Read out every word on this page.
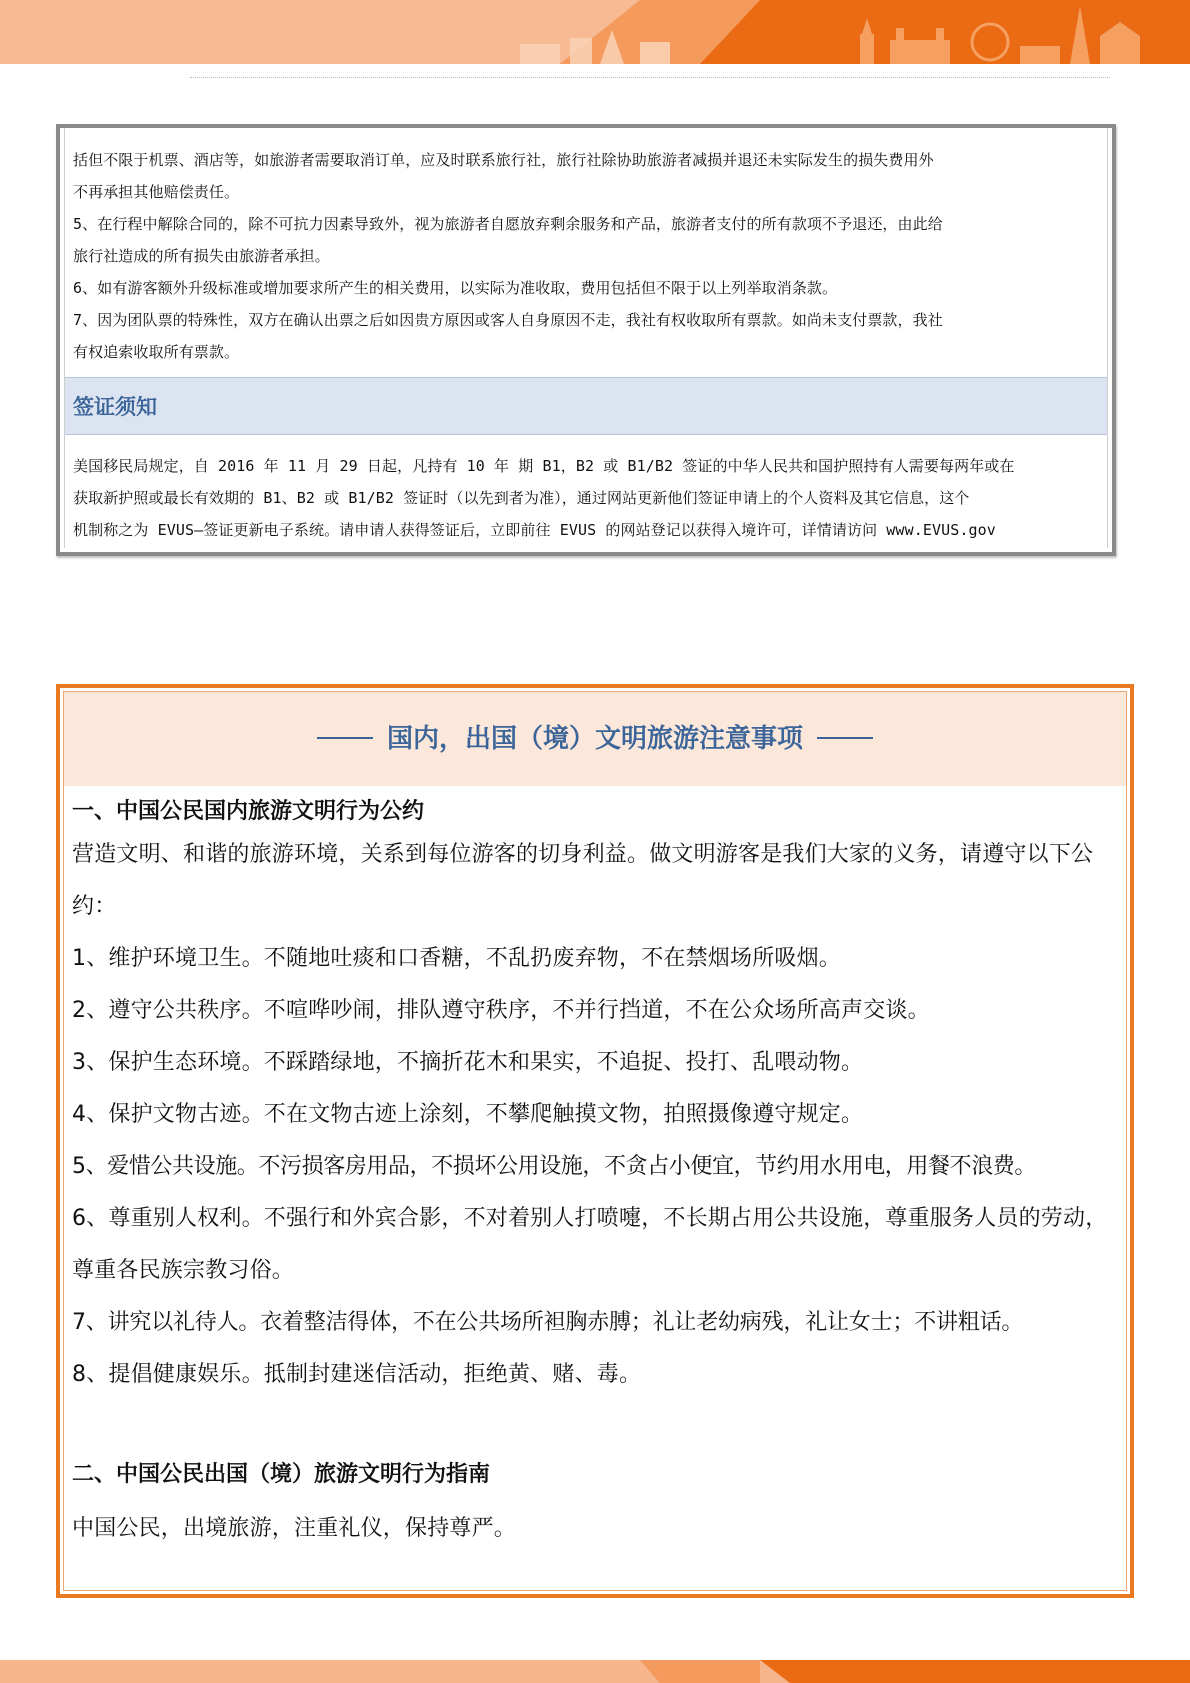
括但不限于机票、酒店等，如旅游者需要取消订单，应及时联系旅行社，旅行社除协助旅游者减损并退还未实际发生的损失费用外

不再承担其他赔偿责任。

5、在行程中解除合同的，除不可抗力因素导致外，视为旅游者自愿放弃剩余服务和产品，旅游者支付的所有款项不予退还，由此给

旅行社造成的所有损失由旅游者承担。

6、如有游客额外升级标准或增加要求所产生的相关费用，以实际为准收取，费用包括但不限于以上列举取消条款。

7、因为团队票的特殊性，双方在确认出票之后如因贵方原因或客人自身原因不走，我社有权收取所有票款。如尚未支付票款，我社

有权追索收取所有票款。

签证须知

美国移民局规定，自 2016 年 11 月 29 日起，凡持有 10 年 期 B1，B2 或 B1/B2 签证的中华人民共和国护照持有人需要每两年或在

获取新护照或最长有效期的 B1、B2 或 B1/B2 签证时（以先到者为准），通过网站更新他们签证申请上的个人资料及其它信息，这个

机制称之为 EVUS–签证更新电子系统。请申请人获得签证后，立即前往 EVUS 的网站登记以获得入境许可，详情请访问 www.EVUS.gov

国内，出国（境）文明旅游注意事项
一、中国公民国内旅游文明行为公约

营造文明、和谐的旅游环境，关系到每位游客的切身利益。做文明游客是我们大家的义务，请遵守以下公约：

1、维护环境卫生。不随地吐痰和口香糖，不乱扔废弃物，不在禁烟场所吸烟。

2、遵守公共秩序。不喧哗吵闹，排队遵守秩序，不并行挡道，不在公众场所高声交谈。

3、保护生态环境。不踩踏绿地，不摘折花木和果实，不追捉、投打、乱喂动物。

4、保护文物古迹。不在文物古迹上涂刻，不攀爬触摸文物，拍照摄像遵守规定。

5、爱惜公共设施。不污损客房用品，不损坏公用设施，不贪占小便宜，节约用水用电，用餐不浪费。

6、尊重别人权利。不强行和外宾合影，不对着别人打喷嚏，不长期占用公共设施，尊重服务人员的劳动，尊重各民族宗教习俗。

7、讲究以礼待人。衣着整洁得体，不在公共场所袒胸赤膊；礼让老幼病残，礼让女士；不讲粗话。

8、提倡健康娱乐。抵制封建迷信活动，拒绝黄、赌、毒。

二、中国公民出国（境）旅游文明行为指南

中国公民，出境旅游，注重礼仪，保持尊严。
